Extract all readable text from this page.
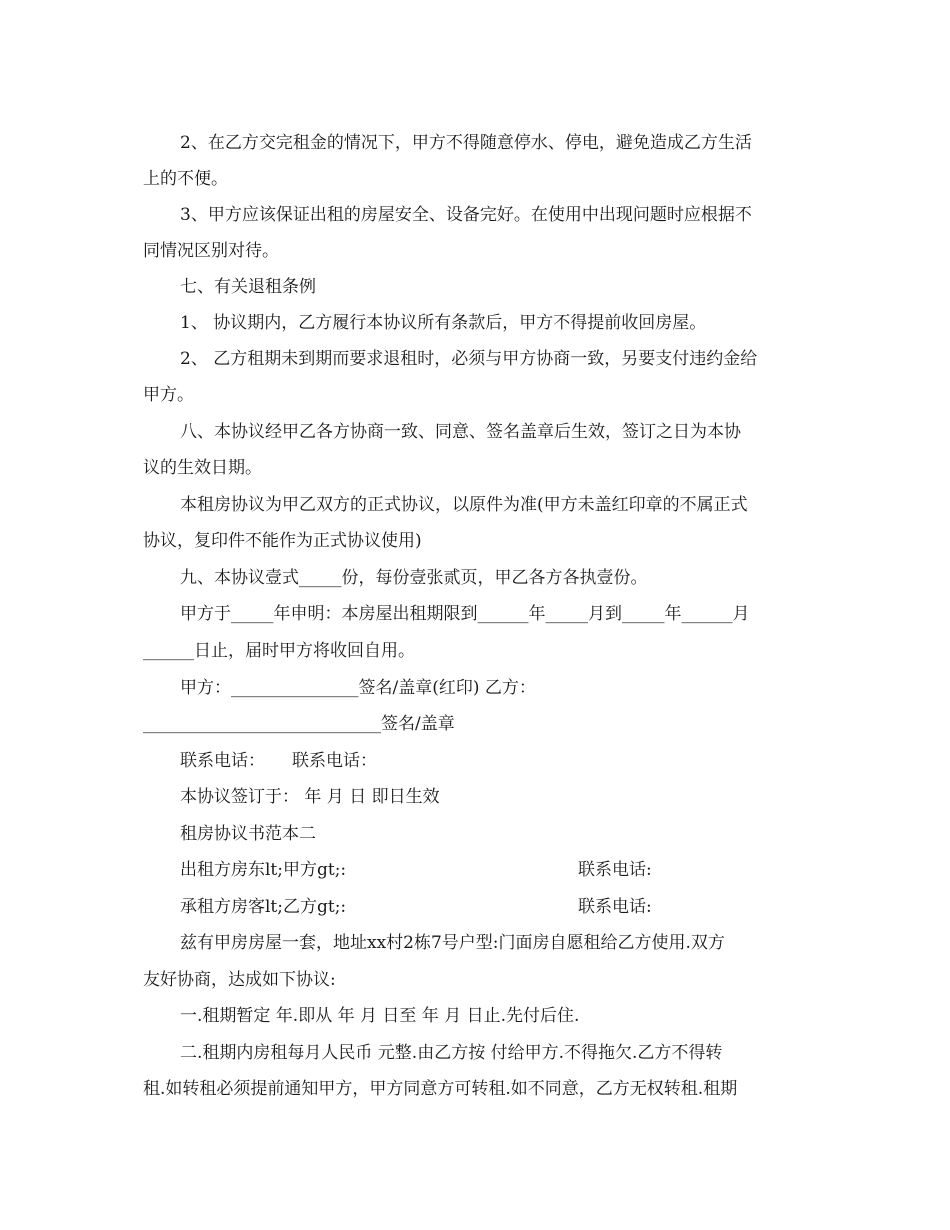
2、在乙方交完租金的情况下，甲方不得随意停水、停电，避免造成乙方生活
上的不便。
3、甲方应该保证出租的房屋安全、设备完好。在使用中出现问题时应根据不
同情况区别对待。
七、有关退租条例
1、 协议期内，乙方履行本协议所有条款后，甲方不得提前收回房屋。
2、 乙方租期未到期而要求退租时，必须与甲方协商一致，另要支付违约金给
甲方。
八、本协议经甲乙各方协商一致、同意、签名盖章后生效，签订之日为本协
议的生效日期。
本租房协议为甲乙双方的正式协议，以原件为准(甲方未盖红印章的不属正式
协议，复印件不能作为正式协议使用)
九、本协议壹式_____份，每份壹张贰页，甲乙各方各执壹份。
甲方于_____年申明：本房屋出租期限到______年_____月到_____年______月
______日止，届时甲方将收回自用。
甲方：_______________签名/盖章(红印) 乙方：
____________________________签名/盖章
联系电话：     联系电话：
本协议签订于： 年 月 日 即日生效
租房协议书范本二
出租方房东lt;甲方gt;:	联系电话:
承租方房客lt;乙方gt;:	联系电话:
兹有甲房房屋一套，地址xx村2栋7号户型:门面房自愿租给乙方使用.双方
友好协商，达成如下协议:
一.租期暂定 年.即从 年 月 日至 年 月 日止.先付后住.
二.租期内房租每月人民币 元整.由乙方按 付给甲方.不得拖欠.乙方不得转
租.如转租必须提前通知甲方，甲方同意方可转租.如不同意，乙方无权转租.租期
